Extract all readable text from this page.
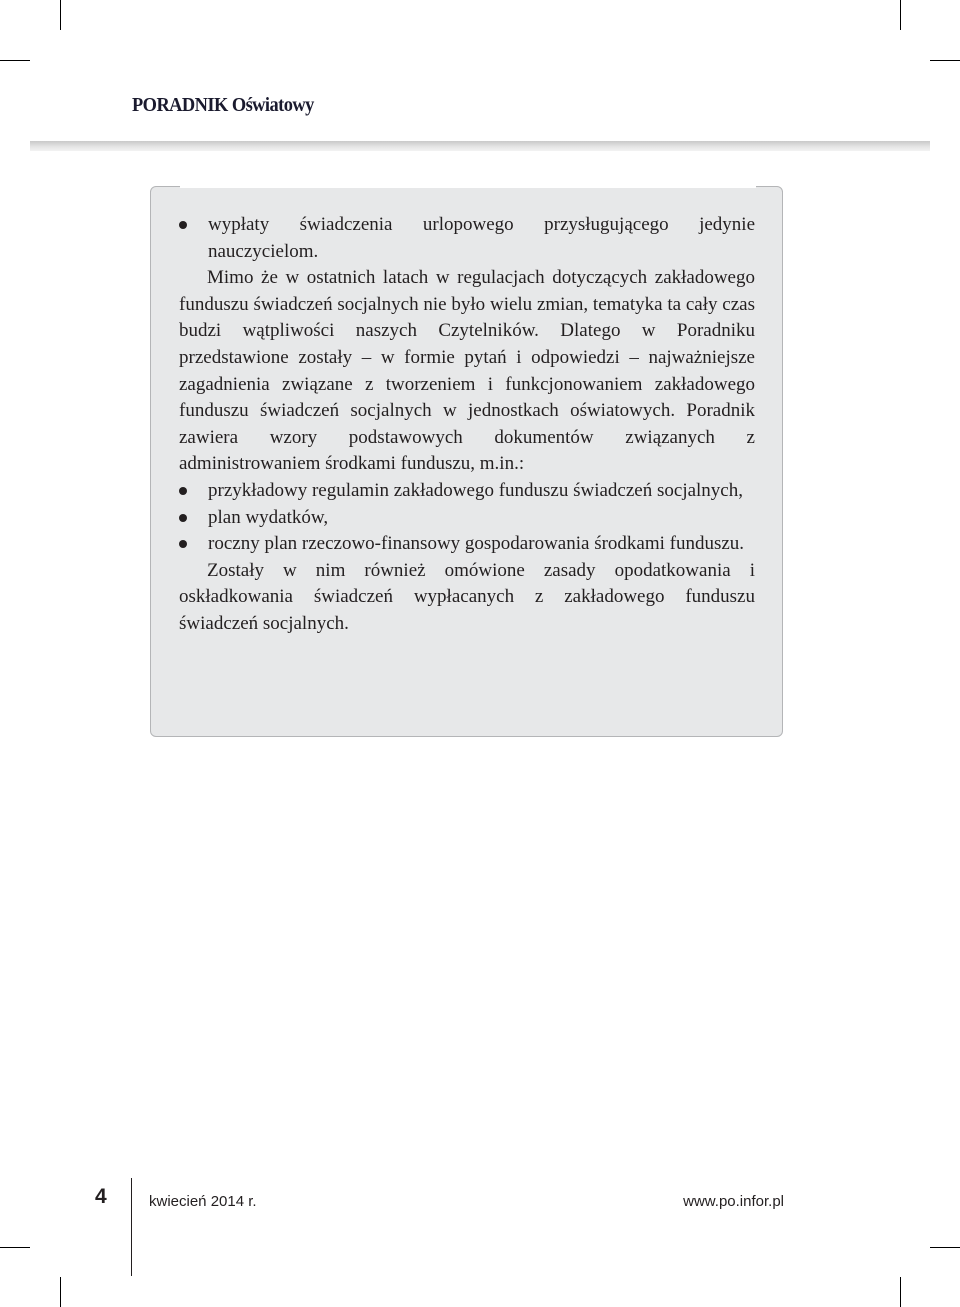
PORADNIK Oświatowy
wypłaty świadczenia urlopowego przysługującego jedynie nauczycielom.

Mimo że w ostatnich latach w regulacjach dotyczących zakładowego funduszu świadczeń socjalnych nie było wielu zmian, tematyka ta cały czas budzi wątpliwości naszych Czytelników. Dlatego w Poradniku przedstawione zostały – w formie pytań i odpowiedzi – najważniejsze zagadnienia związane z tworzeniem i funkcjonowaniem zakładowego funduszu świadczeń socjalnych w jednostkach oświatowych. Poradnik zawiera wzory podstawowych dokumentów związanych z administrowaniem środkami funduszu, m.in.:

przykładowy regulamin zakładowego funduszu świadczeń socjalnych,
plan wydatków,
roczny plan rzeczowo-finansowy gospodarowania środkami funduszu.

Zostały w nim również omówione zasady opodatkowania i oskładkowania świadczeń wypłacanych z zakładowego funduszu świadczeń socjalnych.

4	kwiecień 2014 r.	www.po.infor.pl
